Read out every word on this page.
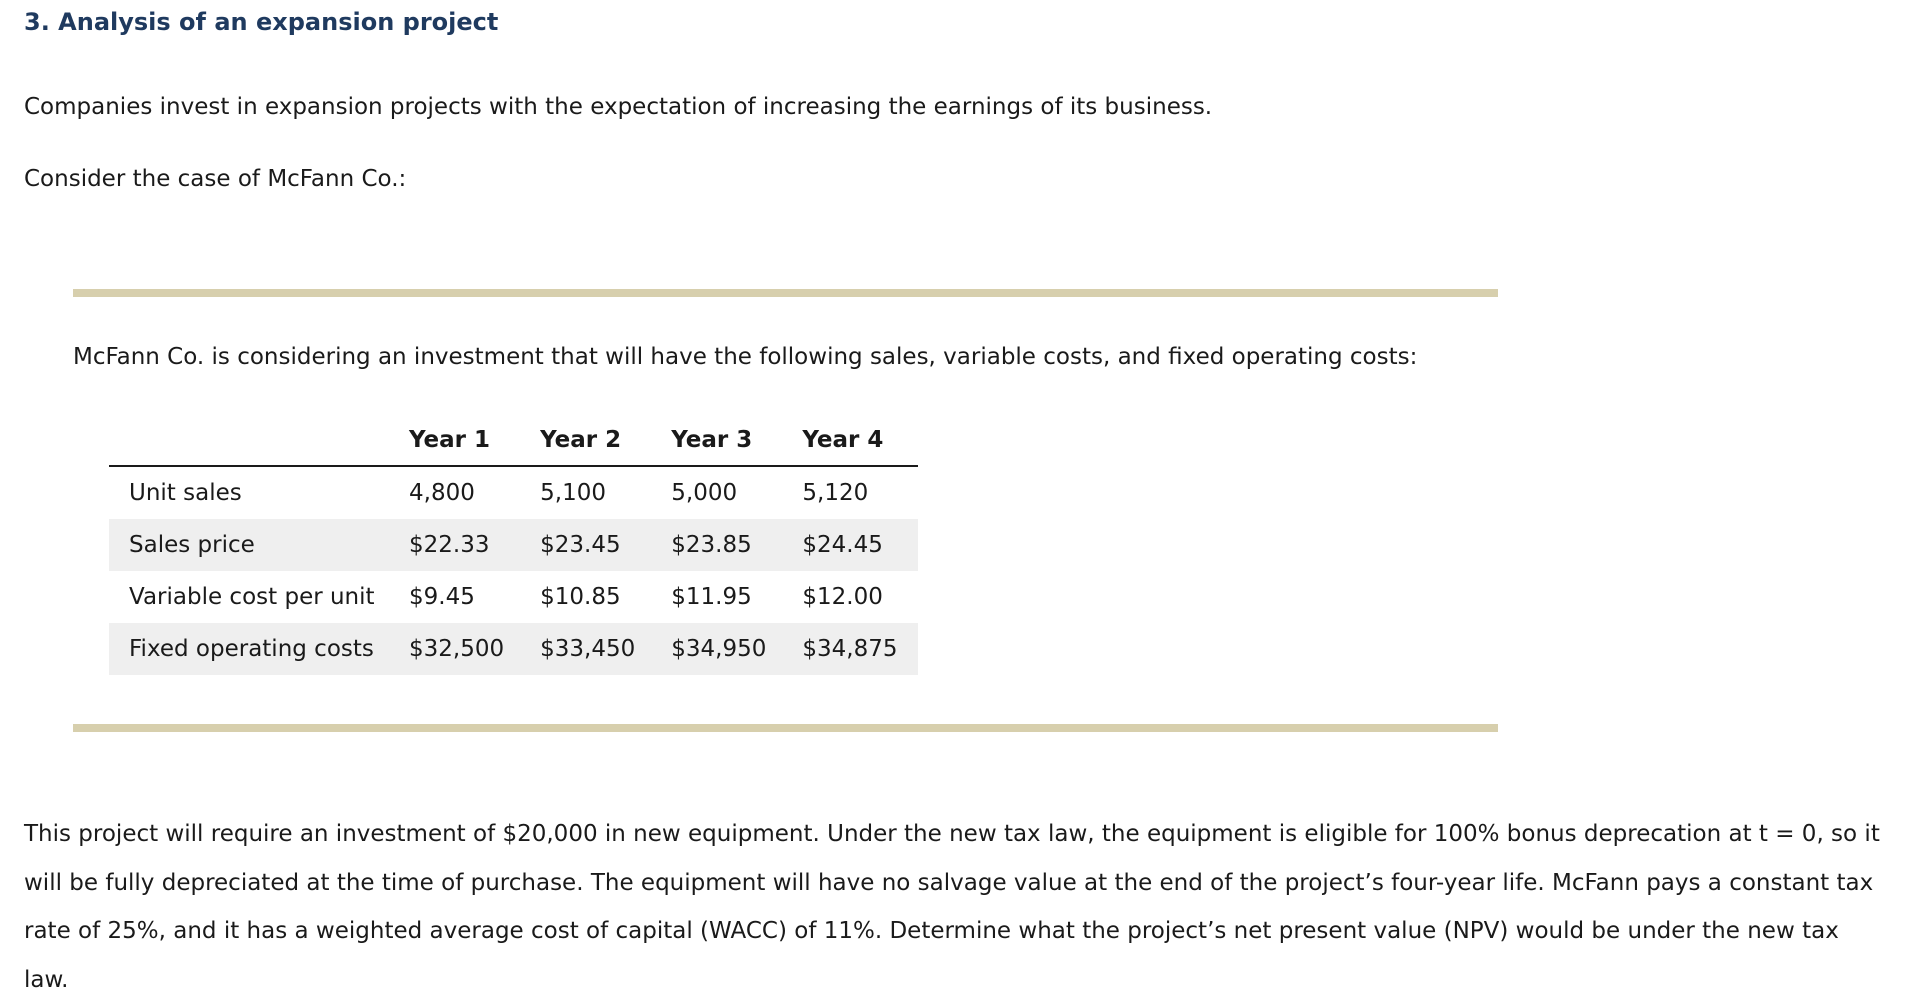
3. Analysis of an expansion project
Companies invest in expansion projects with the expectation of increasing the earnings of its business.
Consider the case of McFann Co.:
McFann Co. is considering an investment that will have the following sales, variable costs, and fixed operating costs:
	Year 1	Year 2	Year 3	Year 4
Unit sales	4,800	5,100	5,000	5,120
Sales price	$22.33	$23.45	$23.85	$24.45
Variable cost per unit	$9.45	$10.85	$11.95	$12.00
Fixed operating costs	$32,500	$33,450	$34,950	$34,875
This project will require an investment of $20,000 in new equipment. Under the new tax law, the equipment is eligible for 100% bonus deprecation at t = 0, so it will be fully depreciated at the time of purchase. The equipment will have no salvage value at the end of the project’s four-year life. McFann pays a constant tax rate of 25%, and it has a weighted average cost of capital (WACC) of 11%. Determine what the project’s net present value (NPV) would be under the new tax law.
